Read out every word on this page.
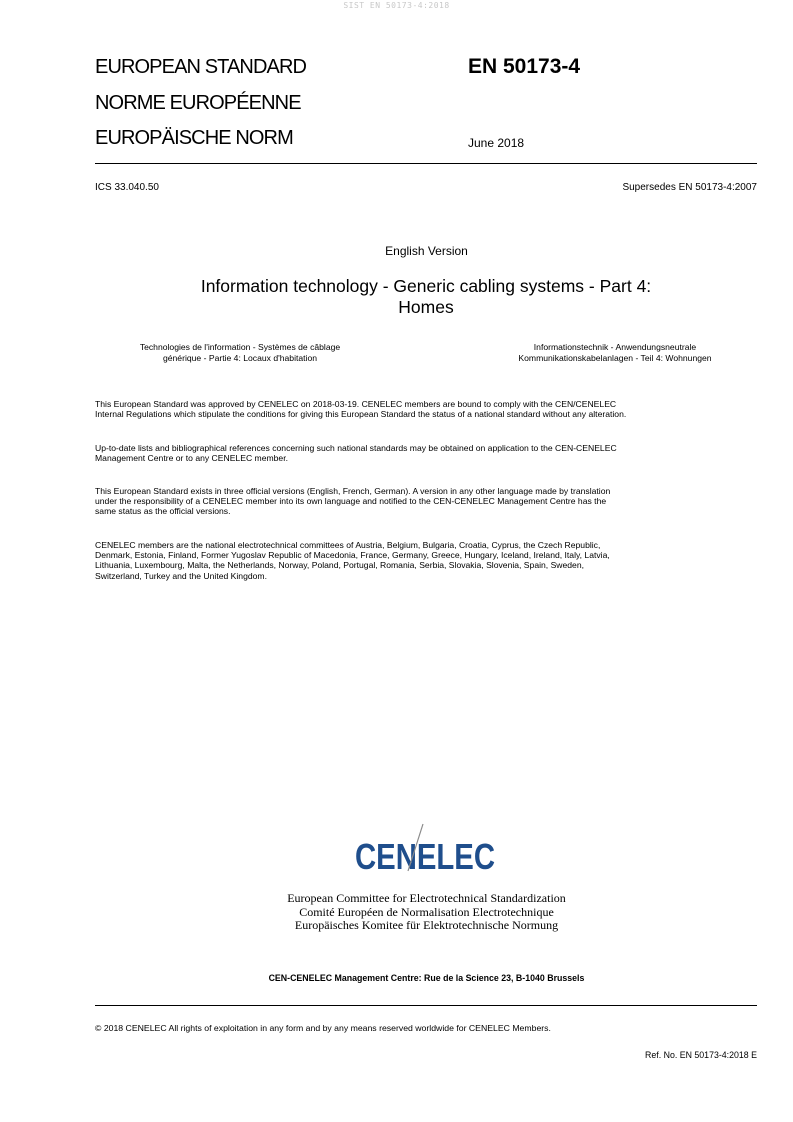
SIST EN 50173-4:2018
EUROPEAN STANDARD
NORME EUROPÉENNE
EUROPÄISCHE NORM
EN 50173-4
June 2018
ICS 33.040.50	Supersedes EN 50173-4:2007
English Version
Information technology - Generic cabling systems - Part 4:
Homes
Technologies de l'information - Systèmes de câblage
générique - Partie 4: Locaux d'habitation
Informationstechnik - Anwendungsneutrale
Kommunikationskabelanlagen - Teil 4: Wohnungen
This European Standard was approved by CENELEC on 2018-03-19. CENELEC members are bound to comply with the CEN/CENELEC
Internal Regulations which stipulate the conditions for giving this European Standard the status of a national standard without any alteration.
Up-to-date lists and bibliographical references concerning such national standards may be obtained on application to the CEN-CENELEC
Management Centre or to any CENELEC member.
This European Standard exists in three official versions (English, French, German). A version in any other language made by translation
under the responsibility of a CENELEC member into its own language and notified to the CEN-CENELEC Management Centre has the
same status as the official versions.
CENELEC members are the national electrotechnical committees of Austria, Belgium, Bulgaria, Croatia, Cyprus, the Czech Republic,
Denmark, Estonia, Finland, Former Yugoslav Republic of Macedonia, France, Germany, Greece, Hungary, Iceland, Ireland, Italy, Latvia,
Lithuania, Luxembourg, Malta, the Netherlands, Norway, Poland, Portugal, Romania, Serbia, Slovakia, Slovenia, Spain, Sweden,
Switzerland, Turkey and the United Kingdom.
CENELEC
European Committee for Electrotechnical Standardization
Comité Européen de Normalisation Electrotechnique
Europäisches Komitee für Elektrotechnische Normung
CEN-CENELEC Management Centre: Rue de la Science 23, B-1040 Brussels
© 2018 CENELEC All rights of exploitation in any form and by any means reserved worldwide for CENELEC Members.
Ref. No. EN 50173-4:2018 E
